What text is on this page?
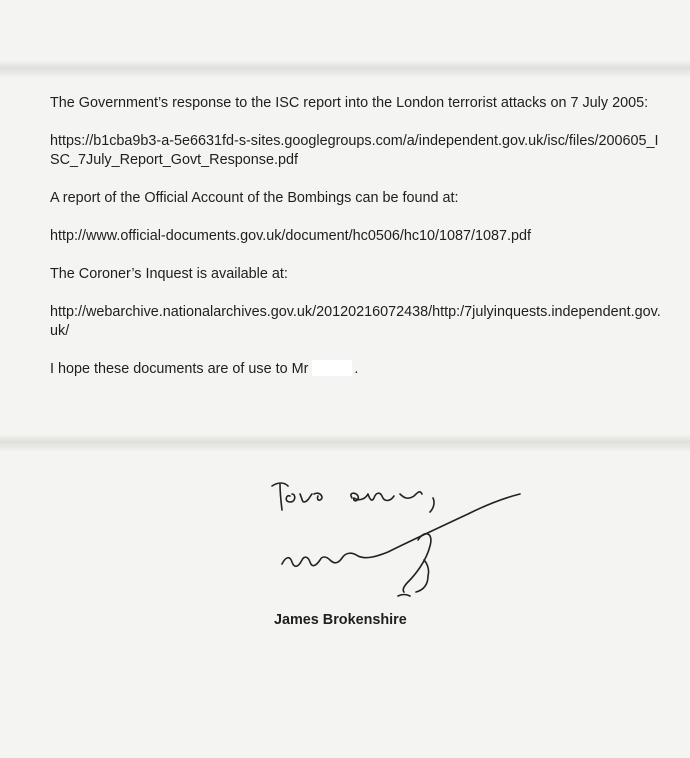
The Government’s response to the ISC report into the London terrorist attacks on 7 July 2005:

https://b1cba9b3-a-5e6631fd-s-sites.googlegroups.com/a/independent.gov.uk/isc/files/200605_ISC_7July_Report_Govt_Response.pdf

A report of the Official Account of the Bombings can be found at:

http://www.official-documents.gov.uk/document/hc0506/hc10/1087/1087.pdf

The Coroner’s Inquest is available at:

http://webarchive.nationalarchives.gov.uk/20120216072438/http:/7julyinquests.independent.gov.uk/

I hope these documents are of use to Mr	.

James Brokenshire
